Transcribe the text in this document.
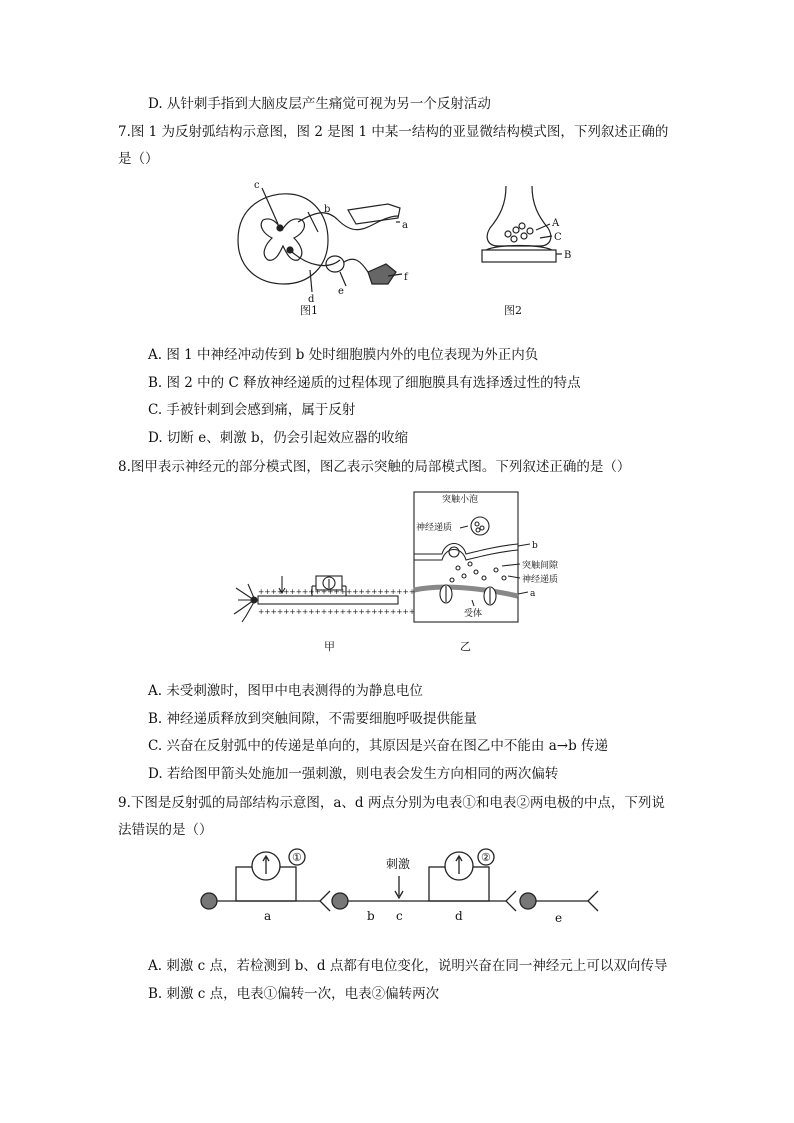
D. 从针刺手指到大脑皮层产生痛觉可视为另一个反射活动
7.图 1 为反射弧结构示意图，图 2 是图 1 中某一结构的亚显微结构模式图，下列叙述正确的
是（）
c
b
a
d
e
f
图1
A
C
B
图2
A. 图 1 中神经冲动传到 b 处时细胞膜内外的电位表现为外正内负
B. 图 2 中的 C 释放神经递质的过程体现了细胞膜具有选择透过性的特点
C. 手被针刺到会感到痛，属于反射
D. 切断 e、刺激 b，仍会引起效应器的收缩
8.图甲表示神经元的部分模式图，图乙表示突触的局部模式图。下列叙述正确的是（）
+++++++++++++++++++++++++
+++++++++++++++++++++++++
甲
突触小泡
神经递质
b
突触间隙
神经递质
a
受体
乙
A. 未受刺激时，图甲中电表测得的为静息电位
B. 神经递质释放到突触间隙，不需要细胞呼吸提供能量
C. 兴奋在反射弧中的传递是单向的，其原因是兴奋在图乙中不能由 a→b 传递
D. 若给图甲箭头处施加一强刺激，则电表会发生方向相同的两次偏转
9.下图是反射弧的局部结构示意图，a、d 两点分别为电表①和电表②两电极的中点，下列说
法错误的是（）
①	②
刺激
a	b c	d	e
A. 刺激 c 点，若检测到 b、d 点都有电位变化，说明兴奋在同一神经元上可以双向传导
B. 刺激 c 点，电表①偏转一次，电表②偏转两次
